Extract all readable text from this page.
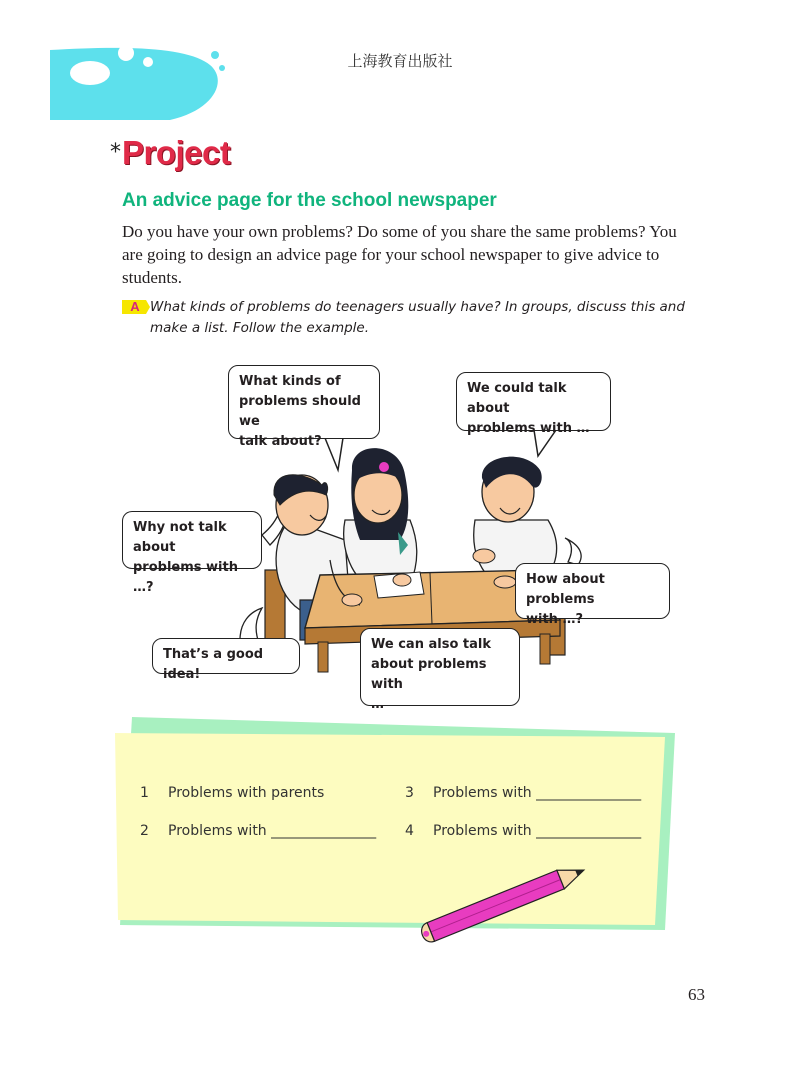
上海教育出版社
* Project
An advice page for the school newspaper
Do you have your own problems? Do some of you share the same problems? You are going to design an advice page for your school newspaper to give advice to students.
A What kinds of problems do teenagers usually have? In groups, discuss this and make a list. Follow the example.
What kinds of
problems should we
talk about?
We could talk about
problems with …
Why not talk about
problems with …?
How about problems
with …?
That’s a good idea!
We can also talk
about problems with
…
1 Problems with parents
2 Problems with _______________
3 Problems with _______________
4 Problems with _______________
63
